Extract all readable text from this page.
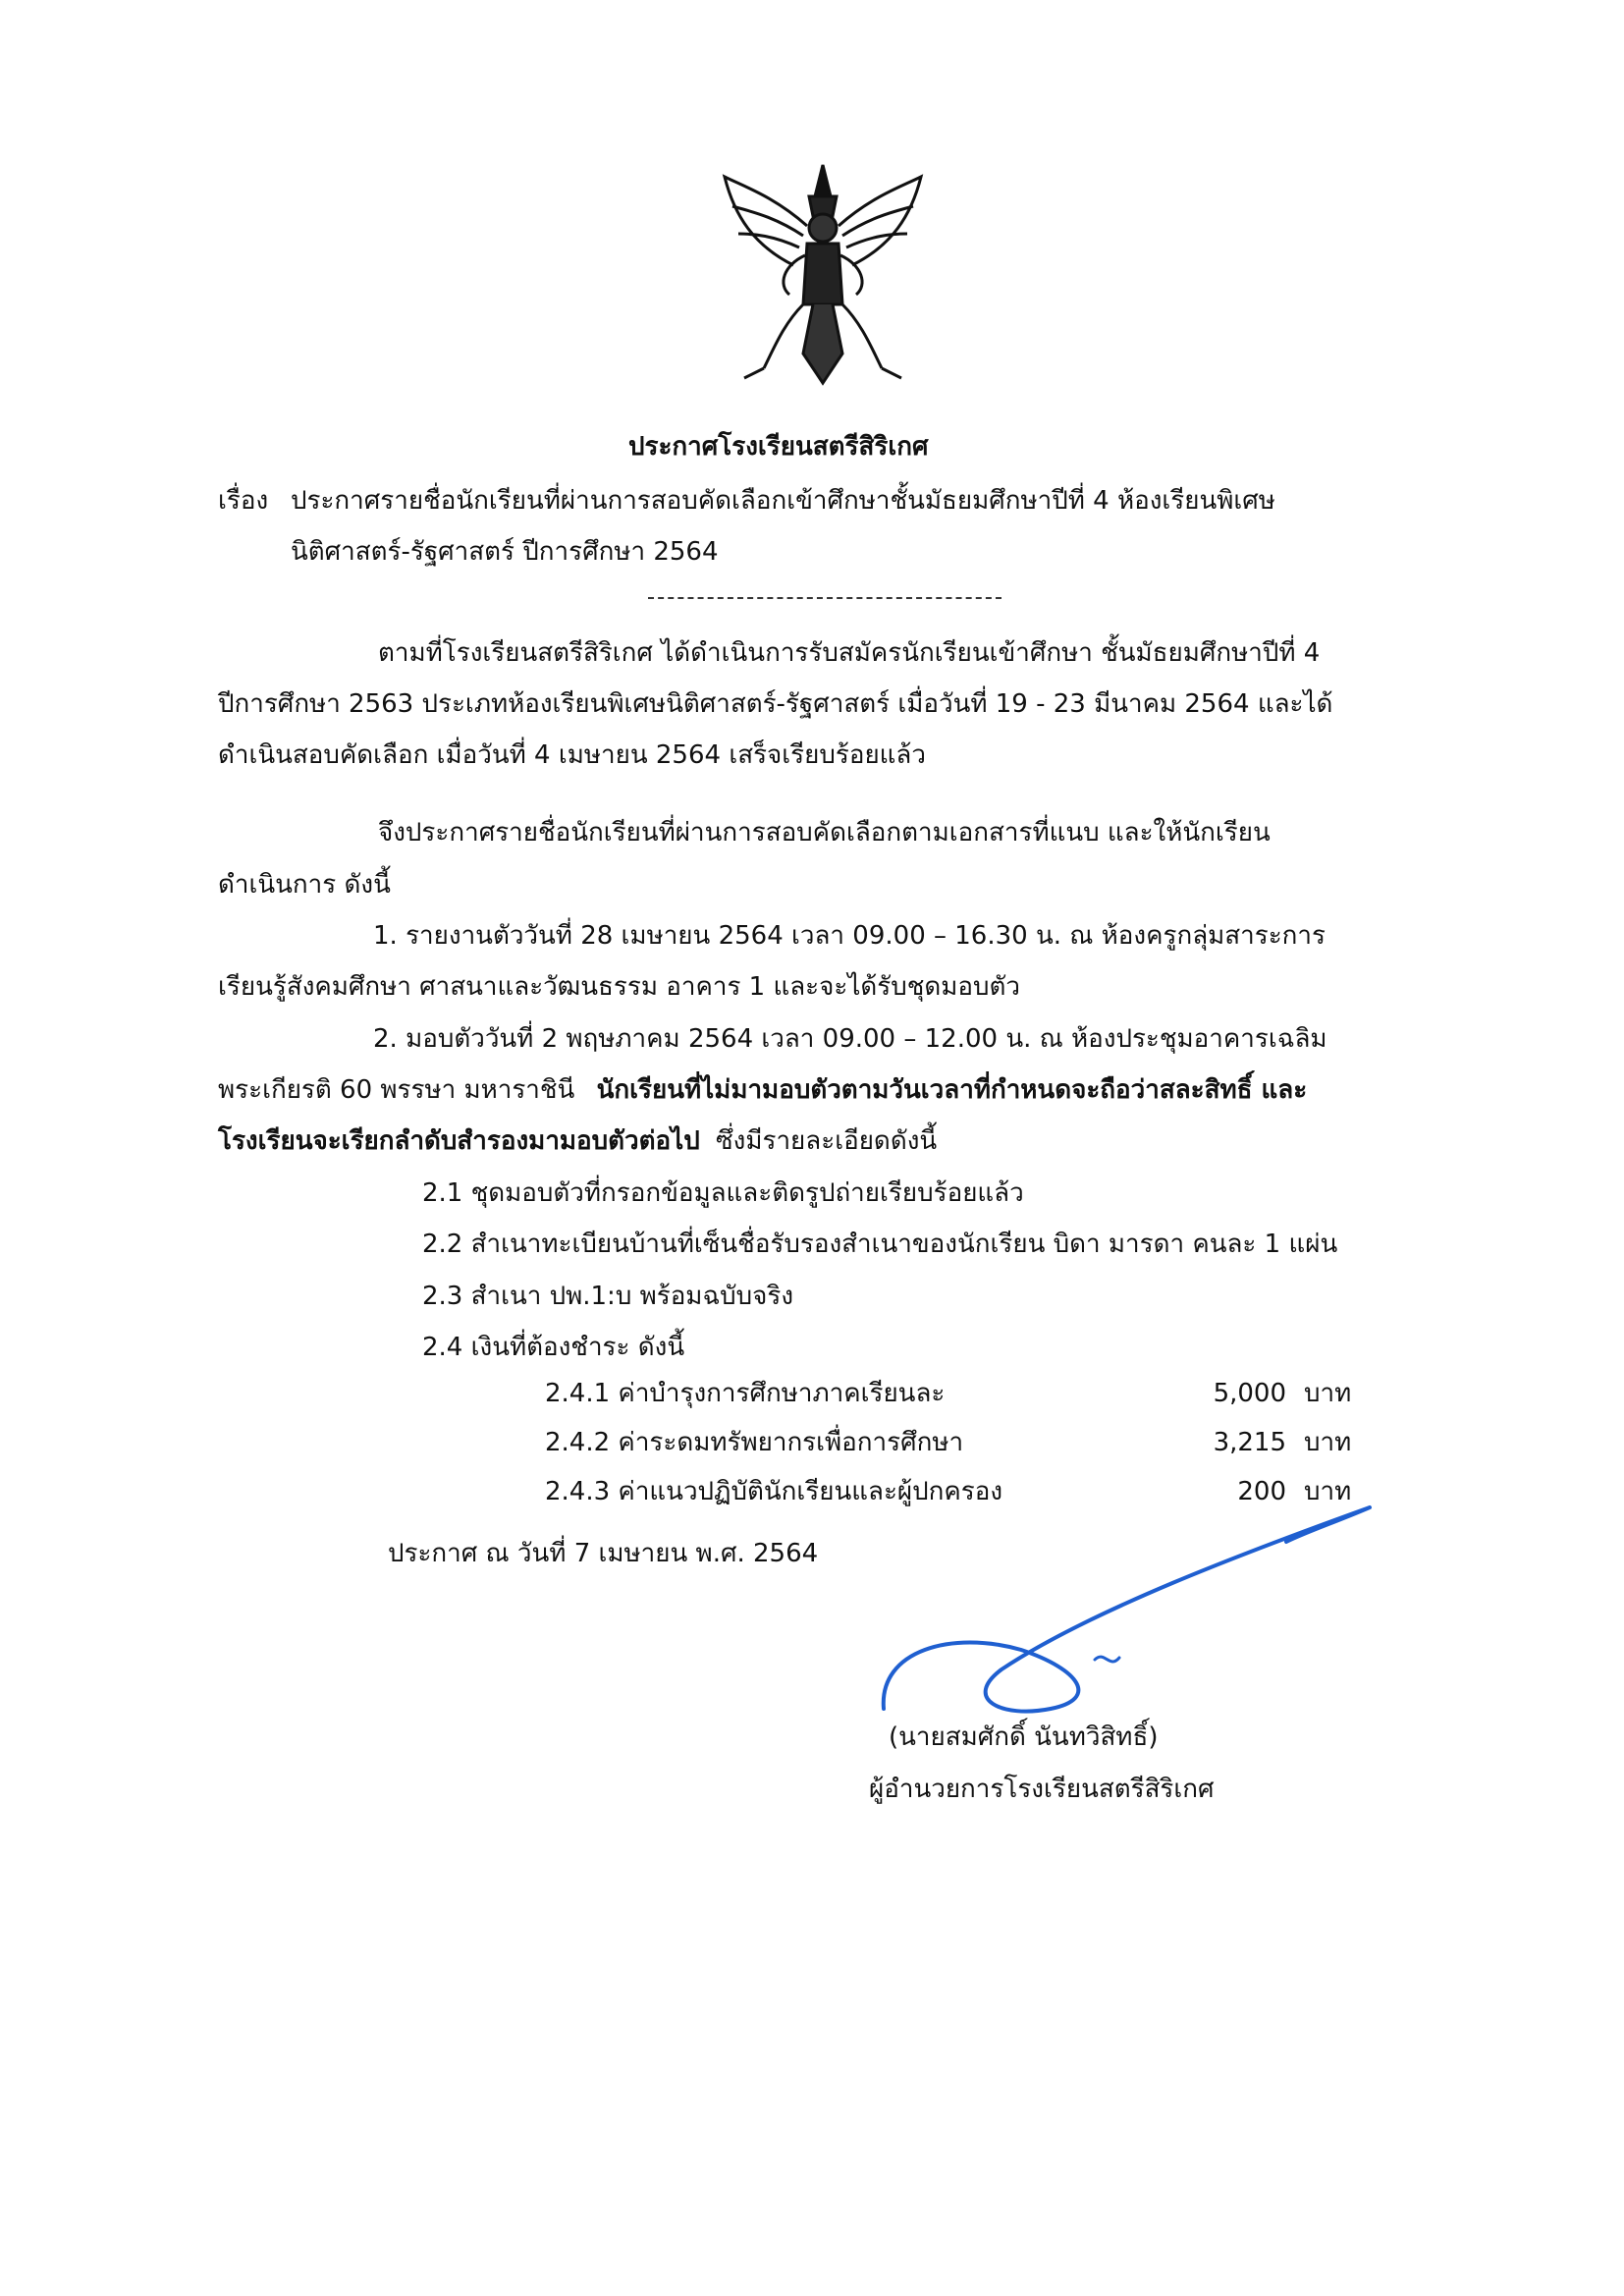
ประกาศโรงเรียนสตรีสิริเกศ
เรื่อง ประกาศรายชื่อนักเรียนที่ผ่านการสอบคัดเลือกเข้าศึกษาชั้นมัธยมศึกษาปีที่ 4 ห้องเรียนพิเศษ
นิติศาสตร์-รัฐศาสตร์ ปีการศึกษา 2564
ตามที่โรงเรียนสตรีสิริเกศ ได้ดำเนินการรับสมัครนักเรียนเข้าศึกษา ชั้นมัธยมศึกษาปีที่ 4
ปีการศึกษา 2563 ประเภทห้องเรียนพิเศษนิติศาสตร์-รัฐศาสตร์ เมื่อวันที่ 19 - 23 มีนาคม 2564 และได้
ดำเนินสอบคัดเลือก เมื่อวันที่ 4 เมษายน 2564 เสร็จเรียบร้อยแล้ว
จึงประกาศรายชื่อนักเรียนที่ผ่านการสอบคัดเลือกตามเอกสารที่แนบ และให้นักเรียน
ดำเนินการ ดังนี้
1. รายงานตัววันที่ 28 เมษายน 2564 เวลา 09.00 – 16.30 น. ณ ห้องครูกลุ่มสาระการ
เรียนรู้สังคมศึกษา ศาสนาและวัฒนธรรม อาคาร 1 และจะได้รับชุดมอบตัว
2. มอบตัววันที่ 2 พฤษภาคม 2564 เวลา 09.00 – 12.00 น. ณ ห้องประชุมอาคารเฉลิม
พระเกียรติ 60 พรรษา มหาราชินี นักเรียนที่ไม่มามอบตัวตามวันเวลาที่กำหนดจะถือว่าสละสิทธิ์ และ
โรงเรียนจะเรียกลำดับสำรองมามอบตัวต่อไป ซึ่งมีรายละเอียดดังนี้
2.1 ชุดมอบตัวที่กรอกข้อมูลและติดรูปถ่ายเรียบร้อยแล้ว
2.2 สำเนาทะเบียนบ้านที่เซ็นชื่อรับรองสำเนาของนักเรียน บิดา มารดา คนละ 1 แผ่น
2.3 สำเนา ปพ.1:บ พร้อมฉบับจริง
2.4 เงินที่ต้องชำระ ดังนี้
2.4.1 ค่าบำรุงการศึกษาภาคเรียนละ	5,000 บาท
2.4.2 ค่าระดมทรัพยากรเพื่อการศึกษา	3,215 บาท
2.4.3 ค่าแนวปฏิบัตินักเรียนและผู้ปกครอง	200 บาท
ประกาศ ณ วันที่ 7 เมษายน พ.ศ. 2564
(นายสมศักดิ์ นันทวิสิทธิ์)
ผู้อำนวยการโรงเรียนสตรีสิริเกศ
